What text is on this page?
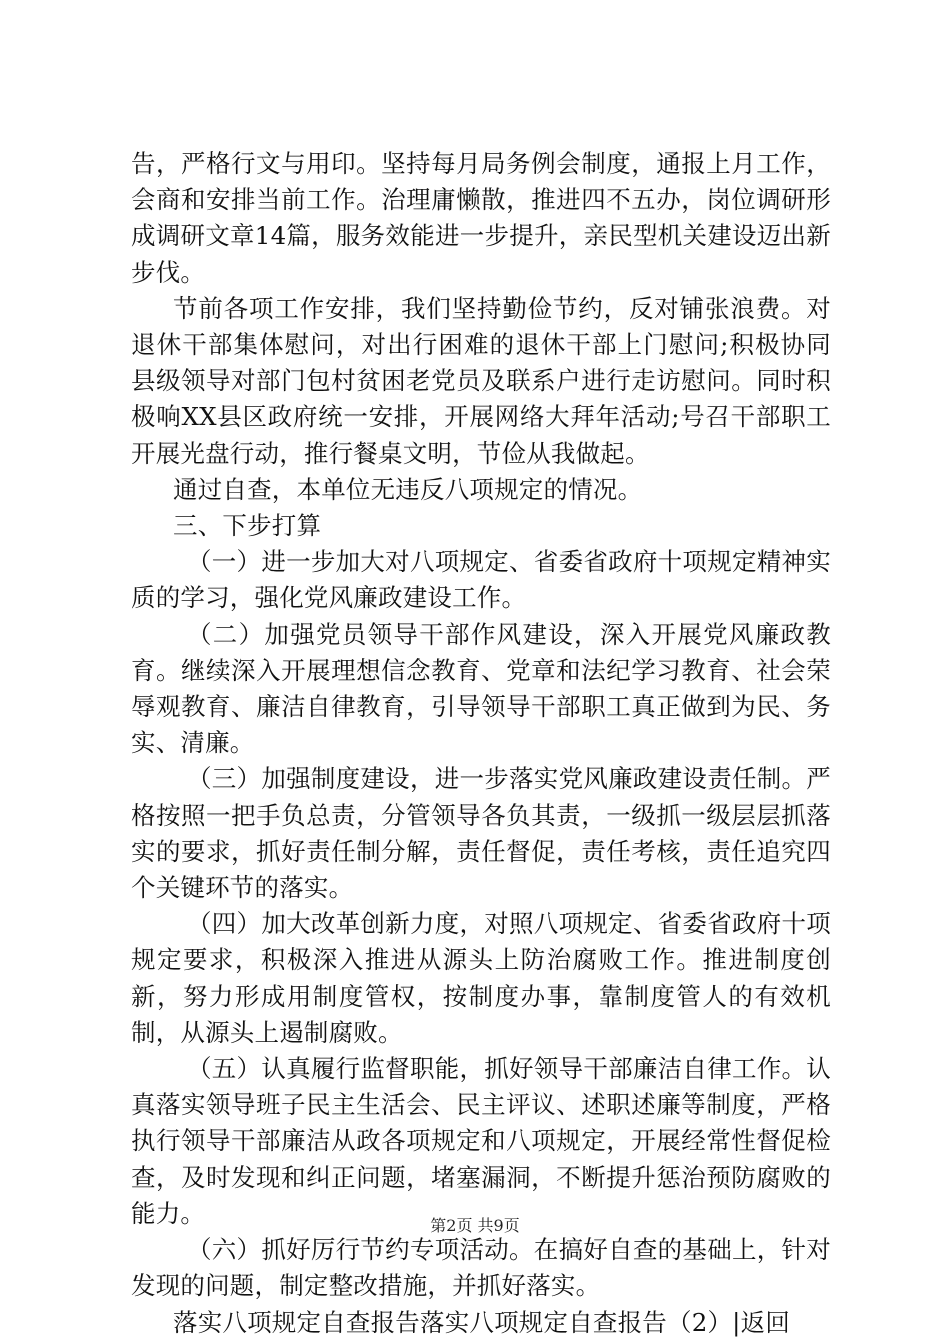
告，严格行文与用印。坚持每月局务例会制度，通报上月工作，会商和安排当前工作。治理庸懒散，推进四不五办，岗位调研形成调研文章14篇，服务效能进一步提升，亲民型机关建设迈出新步伐。

节前各项工作安排，我们坚持勤俭节约，反对铺张浪费。对退休干部集体慰问，对出行困难的退休干部上门慰问;积极协同县级领导对部门包村贫困老党员及联系户进行走访慰问。同时积极响XX县区政府统一安排，开展网络大拜年活动;号召干部职工开展光盘行动，推行餐桌文明，节俭从我做起。

通过自查，本单位无违反八项规定的情况。

三、下步打算

（一）进一步加大对八项规定、省委省政府十项规定精神实质的学习，强化党风廉政建设工作。

（二）加强党员领导干部作风建设，深入开展党风廉政教育。继续深入开展理想信念教育、党章和法纪学习教育、社会荣辱观教育、廉洁自律教育，引导领导干部职工真正做到为民、务实、清廉。

（三）加强制度建设，进一步落实党风廉政建设责任制。严格按照一把手负总责，分管领导各负其责，一级抓一级层层抓落实的要求，抓好责任制分解，责任督促，责任考核，责任追究四个关键环节的落实。

（四）加大改革创新力度，对照八项规定、省委省政府十项规定要求，积极深入推进从源头上防治腐败工作。推进制度创新，努力形成用制度管权，按制度办事，靠制度管人的有效机制，从源头上遏制腐败。

（五）认真履行监督职能，抓好领导干部廉洁自律工作。认真落实领导班子民主生活会、民主评议、述职述廉等制度，严格执行领导干部廉洁从政各项规定和八项规定，开展经常性督促检查，及时发现和纠正问题，堵塞漏洞，不断提升惩治预防腐败的能力。

（六）抓好厉行节约专项活动。在搞好自查的基础上，针对发现的问题，制定整改措施，并抓好落实。

落实八项规定自查报告落实八项规定自查报告（2）|返回

第2页 共9页
